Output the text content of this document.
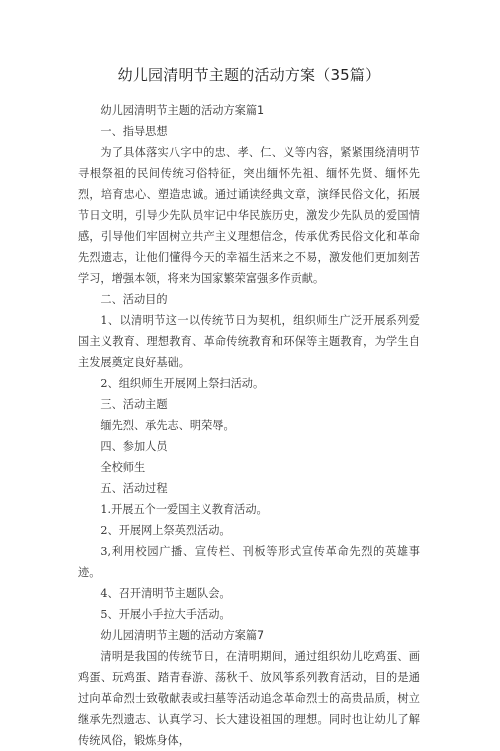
幼儿园清明节主题的活动方案（35篇）

幼儿园清明节主题的活动方案篇1

一、指导思想

为了具体落实八字中的忠、孝、仁、义等内容，紧紧围绕清明节寻根祭祖的民间传统习俗特征，突出缅怀先祖、缅怀先贤、缅怀先烈，培育忠心、塑造忠诚。通过诵读经典文章，演绎民俗文化，拓展节日文明，引导少先队员牢记中华民族历史，激发少先队员的爱国情感，引导他们牢固树立共产主义理想信念，传承优秀民俗文化和革命先烈遗志，让他们懂得今天的幸福生活来之不易，激发他们更加刻苦学习，增强本领，将来为国家繁荣富强多作贡献。

二、活动目的

1、以清明节这一以传统节日为契机，组织师生广泛开展系列爱国主义教育、理想教育、革命传统教育和环保等主题教育，为学生自主发展奠定良好基础。

2、组织师生开展网上祭扫活动。

三、活动主题

缅先烈、承先志、明荣辱。

四、参加人员

全校师生

五、活动过程

1.开展五个一爱国主义教育活动。

2、开展网上祭英烈活动。

3,利用校园广播、宣传栏、刊板等形式宣传革命先烈的英雄事迹。

4、召开清明节主题队会。

5、开展小手拉大手活动。

幼儿园清明节主题的活动方案篇7

清明是我国的传统节日，在清明期间，通过组织幼儿吃鸡蛋、画鸡蛋、玩鸡蛋、踏青春游、荡秋千、放风筝系列教育活动，目的是通过向革命烈士致敬献表或扫墓等活动追念革命烈士的高贵品质，树立继承先烈遗志、认真学习、长大建设祖国的理想。同时也让幼儿了解传统风俗，锻炼身体，
